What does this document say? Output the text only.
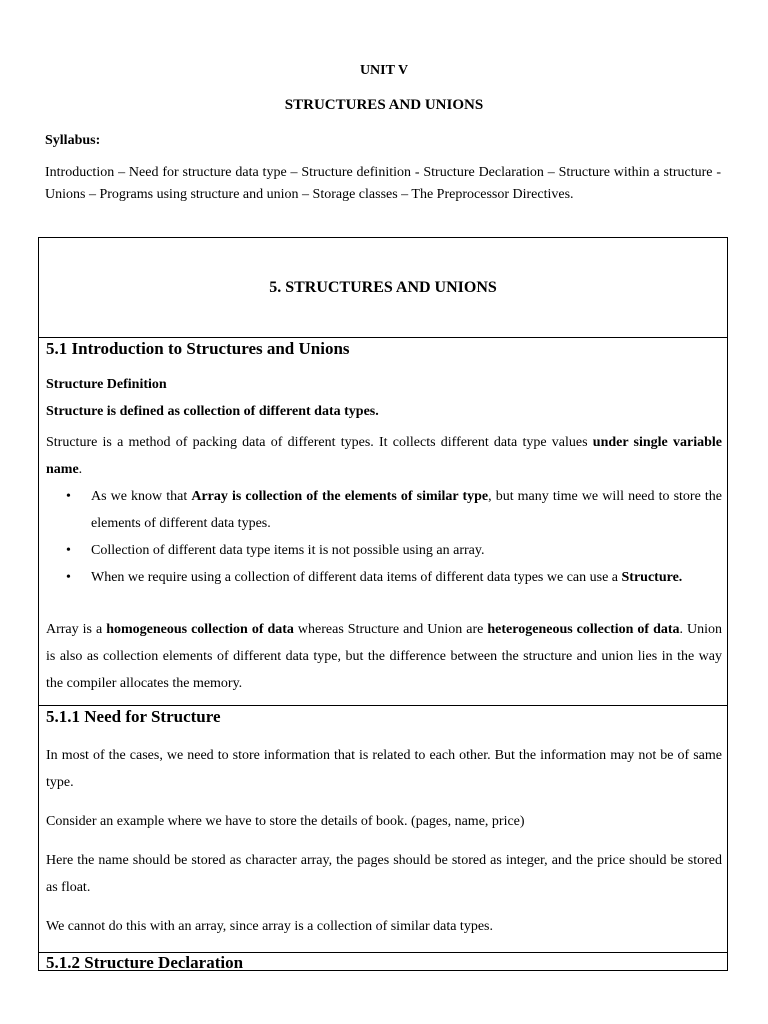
UNIT V
STRUCTURES AND UNIONS
Syllabus:
Introduction – Need for structure data type – Structure definition - Structure Declaration – Structure within a structure - Unions – Programs using structure and union – Storage classes – The Preprocessor Directives.
5. STRUCTURES AND UNIONS
5.1 Introduction to Structures and Unions
Structure Definition
Structure is defined as collection of different data types.
Structure is a method of packing data of different types. It collects different data type values under single variable name.
• As we know that Array is collection of the elements of similar type, but many time we will need to store the elements of different data types.
• Collection of different data type items it is not possible using an array.
• When we require using a collection of different data items of different data types we can use a Structure.
Array is a homogeneous collection of data whereas Structure and Union are heterogeneous collection of data. Union is also as collection elements of different data type, but the difference between the structure and union lies in the way the compiler allocates the memory.
5.1.1 Need for Structure
In most of the cases, we need to store information that is related to each other. But the information may not be of same type.
Consider an example where we have to store the details of book. (pages, name, price)
Here the name should be stored as character array, the pages should be stored as integer, and the price should be stored as float.
We cannot do this with an array, since array is a collection of similar data types.
5.1.2 Structure Declaration
